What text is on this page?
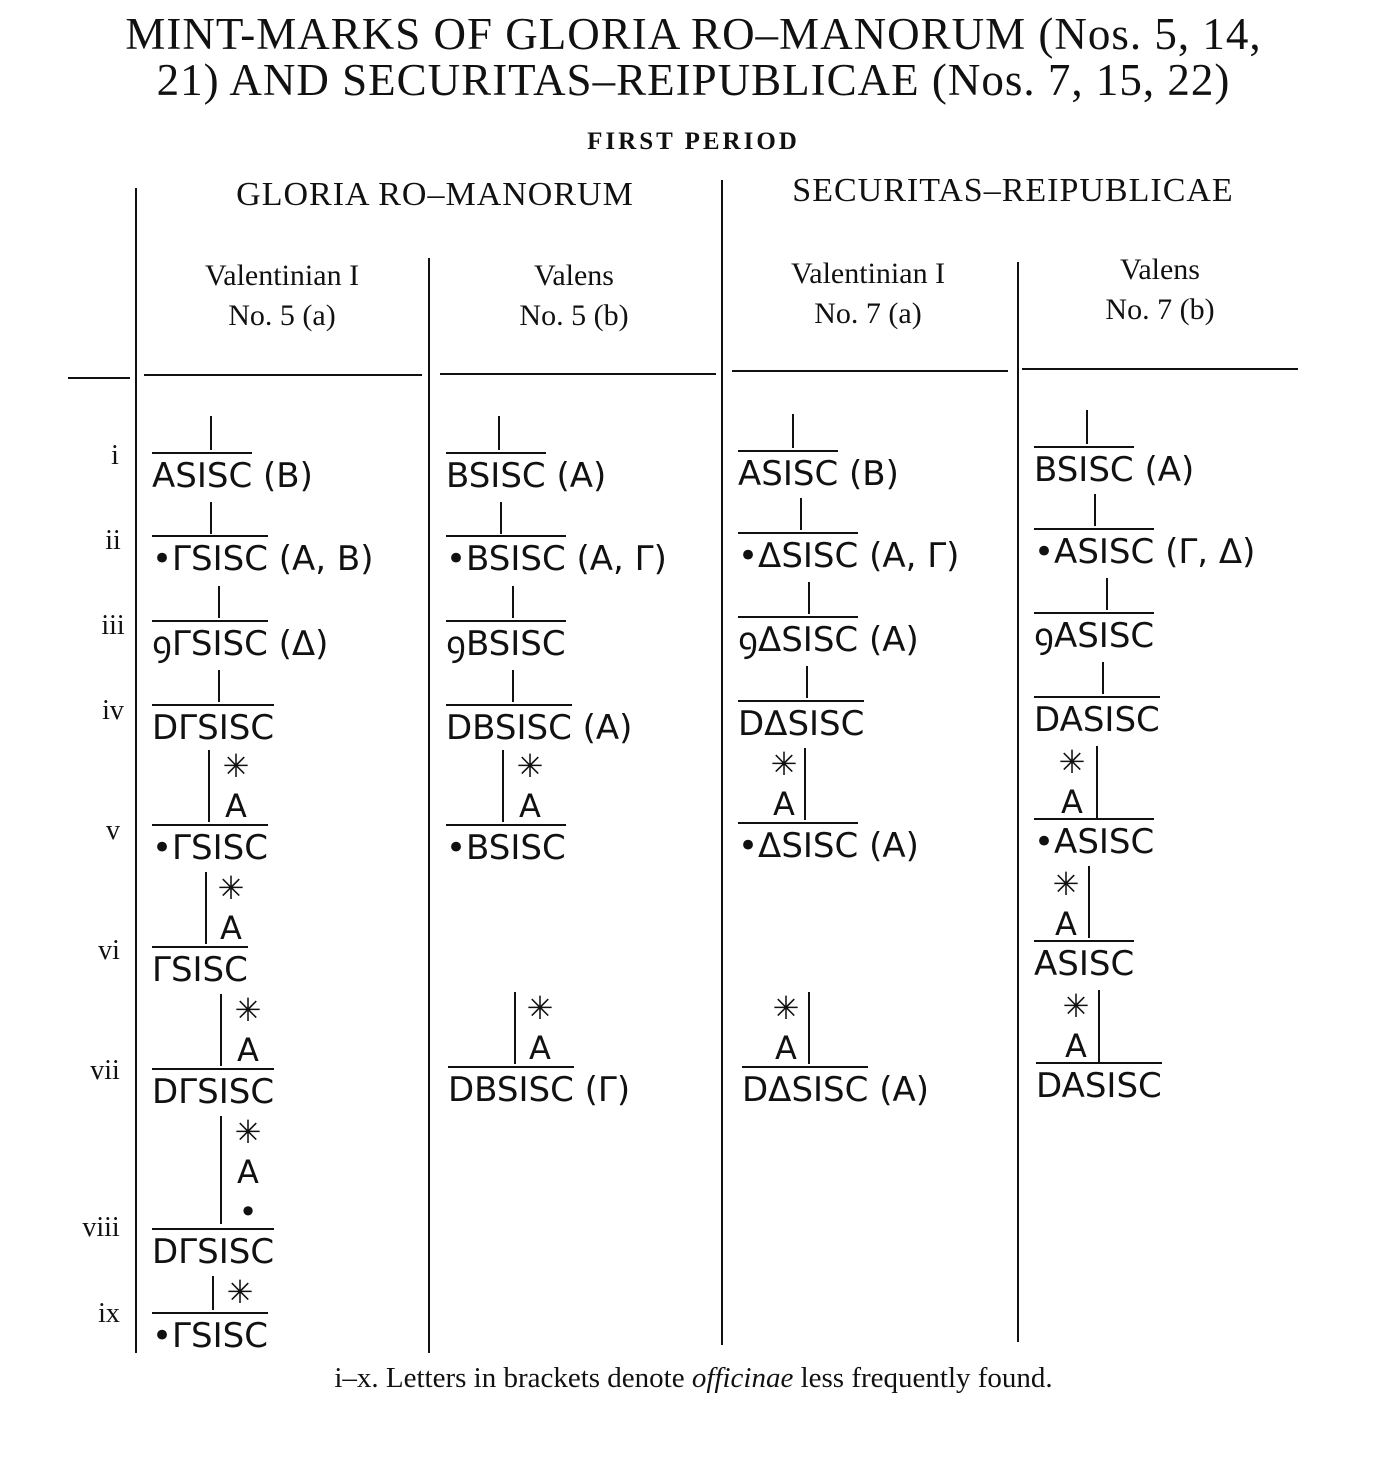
MINT-MARKS OF GLORIA RO–MANORUM (Nos. 5, 14,
21) AND SECURITAS–REIPUBLICAE (Nos. 7, 15, 22)
FIRST PERIOD
GLORIA RO–MANORUM	SECURITAS–REIPUBLICAE
Valentinian I
No. 5 (a)
Valens
No. 5 (b)
Valentinian I
No. 7 (a)
Valens
No. 7 (b)
i
ii
iii
iv
v
vi
vii
viii
ix
ASISC (B)
•ΓSISC (A, B)
ꝯΓSISC (Δ)
DΓSISC
✳
A
•ΓSISC
✳
A
ΓSISC
✳
A
DΓSISC
✳
A
•
DΓSISC
✳
•ΓSISC
BSISC (A)
•BSISC (A, Γ)
ꝯBSISC
DBSISC (A)
✳
A
•BSISC
✳
A
DBSISC (Γ)
ASISC (B)
•ΔSISC (A, Γ)
ꝯΔSISC (A)
DΔSISC
✳
A
•ΔSISC (A)
✳
A
DΔSISC (A)
BSISC (A)
•ASISC (Γ, Δ)
ꝯASISC
DASISC
✳
A
•ASISC
✳
A
ASISC
✳
A
DASISC
i–x. Letters in brackets denote officinae less frequently found.
